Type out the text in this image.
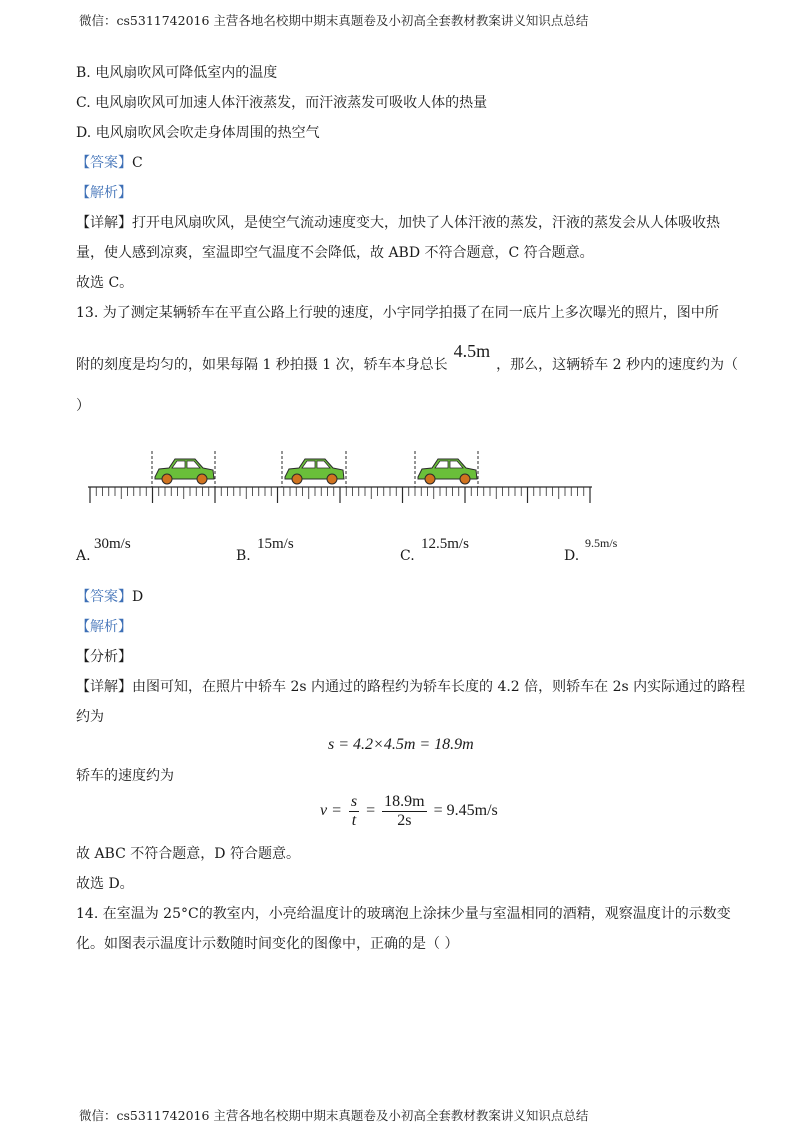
微信：cs5311742016 主营各地名校期中期末真题卷及小初高全套教材教案讲义知识点总结
B. 电风扇吹风可降低室内的温度
C. 电风扇吹风可加速人体汗液蒸发，而汗液蒸发可吸收人体的热量
D. 电风扇吹风会吹走身体周围的热空气
【答案】C
【解析】
【详解】打开电风扇吹风，是使空气流动速度变大，加快了人体汗液的蒸发，汗液的蒸发会从人体吸收热
量，使人感到凉爽，室温即空气温度不会降低，故 ABD 不符合题意，C 符合题意。
故选 C。
13. 为了测定某辆轿车在平直公路上行驶的速度，小宇同学拍摄了在同一底片上多次曝光的照片，图中所
附的刻度是均匀的，如果每隔 1 秒拍摄 1 次，轿车本身总长4.5m，那么，这辆轿车 2 秒内的速度约为（
）
A.
30m/s
B.
15m/s
C.
12.5m/s
D.
9.5m/s
【答案】D
【解析】
【分析】
【详解】由图可知，在照片中轿车 2s 内通过的路程约为轿车长度的 4.2 倍，则轿车在 2s 内实际通过的路程
约为
s = 4.2×4.5m = 18.9m
轿车的速度约为
$v = \frac{s}{t} = \frac{18.9m}{2s} = 9.45m/s$
故 ABC 不符合题意，D 符合题意。
故选 D。
14. 在室温为 25°C的教室内，小亮给温度计的玻璃泡上涂抹少量与室温相同的酒精，观察温度计的示数变
化。如图表示温度计示数随时间变化的图像中，正确的是（ ）
微信：cs5311742016 主营各地名校期中期末真题卷及小初高全套教材教案讲义知识点总结
